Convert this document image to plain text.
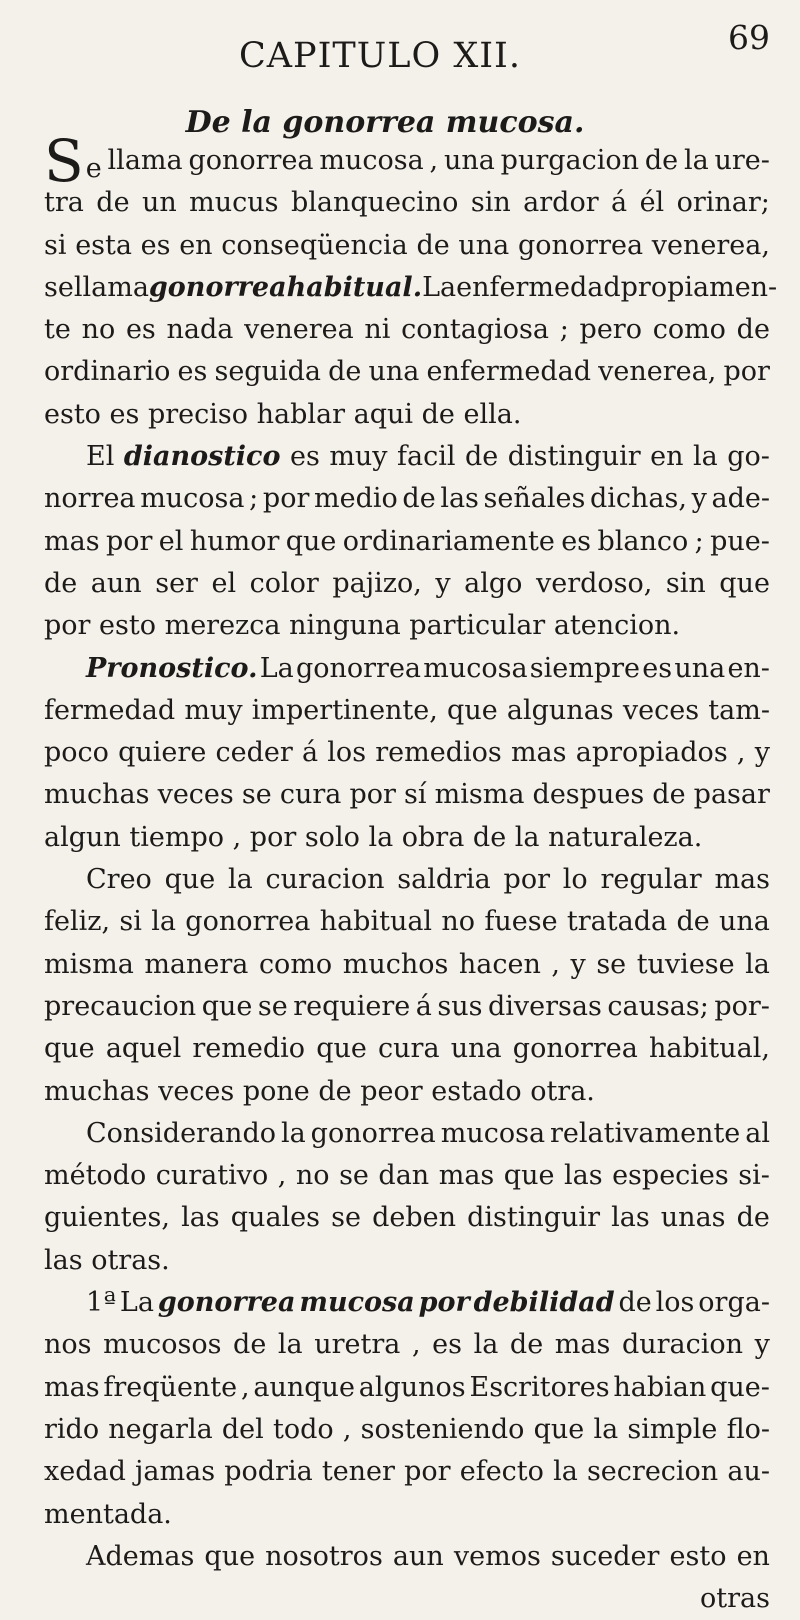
69
CAPITULO XII.
De la gonorrea mucosa.
Se llama gonorrea mucosa , una purgacion de la ure-
tra de un mucus blanquecino sin ardor á él orinar;
si esta es en conseqüencia de una gonorrea venerea,
se llama gonorrea habitual. La enfermedad propiamen-
te no es nada venerea ni contagiosa ; pero como de
ordinario es seguida de una enfermedad venerea, por
esto
es
preciso
hablar
aqui
de
ella.
El dianostico es muy facil de distinguir en la go-
norrea mucosa ; por medio de las señales dichas, y ade-
mas por el humor que ordinariamente es blanco ; pue-
de aun ser el color pajizo, y algo verdoso, sin que
por
esto
merezca
ninguna
particular
atencion.
Pronostico. La gonorrea mucosa siempre es una en-
fermedad muy impertinente, que algunas veces tam-
poco quiere ceder á los remedios mas apropiados , y
muchas veces se cura por sí misma despues de pasar
algun
tiempo
,
por
solo
la
obra
de
la
naturaleza.
Creo que la curacion saldria por lo regular mas
feliz, si la gonorrea habitual no fuese tratada de una
misma manera como muchos hacen , y se tuviese la
precaucion que se requiere á sus diversas causas; por-
que aquel remedio que cura una gonorrea habitual,
muchas
veces
pone
de
peor
estado
otra.
Considerando la gonorrea mucosa relativamente al
método curativo , no se dan mas que las especies si-
guientes, las quales se deben distinguir las unas de
las
otras.
1ª La gonorrea mucosa por debilidad de los orga-
nos mucosos de la uretra , es la de mas duracion y
mas freqüente , aunque algunos Escritores habian que-
rido negarla del todo , sosteniendo que la simple flo-
xedad jamas podria tener por efecto la secrecion au-
mentada.
Ademas que nosotros aun vemos suceder esto en
otras
